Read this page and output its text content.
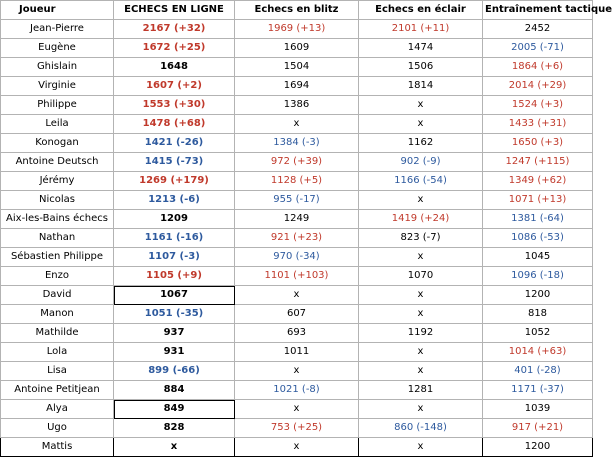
Joueur	ECHECS EN LIGNE	Echecs en blitz	Echecs en éclair	Entraînement tactique
Jean-Pierre	2167 (+32)	1969 (+13)	2101 (+11)	2452
Eugène	1672 (+25)	1609	1474	2005 (-71)
Ghislain	1648	1504	1506	1864 (+6)
Virginie	1607 (+2)	1694	1814	2014 (+29)
Philippe	1553 (+30)	1386	x	1524 (+3)
Leila	1478 (+68)	x	x	1433 (+31)
Konogan	1421 (-26)	1384 (-3)	1162	1650 (+3)
Antoine Deutsch	1415 (-73)	972 (+39)	902 (-9)	1247 (+115)
Jérémy	1269 (+179)	1128 (+5)	1166 (-54)	1349 (+62)
Nicolas	1213 (-6)	955 (-17)	x	1071 (+13)
Aix-les-Bains échecs	1209	1249	1419 (+24)	1381 (-64)
Nathan	1161 (-16)	921 (+23)	823 (-7)	1086 (-53)
Sébastien Philippe	1107 (-3)	970 (-34)	x	1045
Enzo	1105 (+9)	1101 (+103)	1070	1096 (-18)
David	1067	x	x	1200
Manon	1051 (-35)	607	x	818
Mathilde	937	693	1192	1052
Lola	931	1011	x	1014 (+63)
Lisa	899 (-66)	x	x	401 (-28)
Antoine Petitjean	884	1021 (-8)	1281	1171 (-37)
Alya	849	x	x	1039
Ugo	828	753 (+25)	860 (-148)	917 (+21)
Mattis	x	x	x	1200
